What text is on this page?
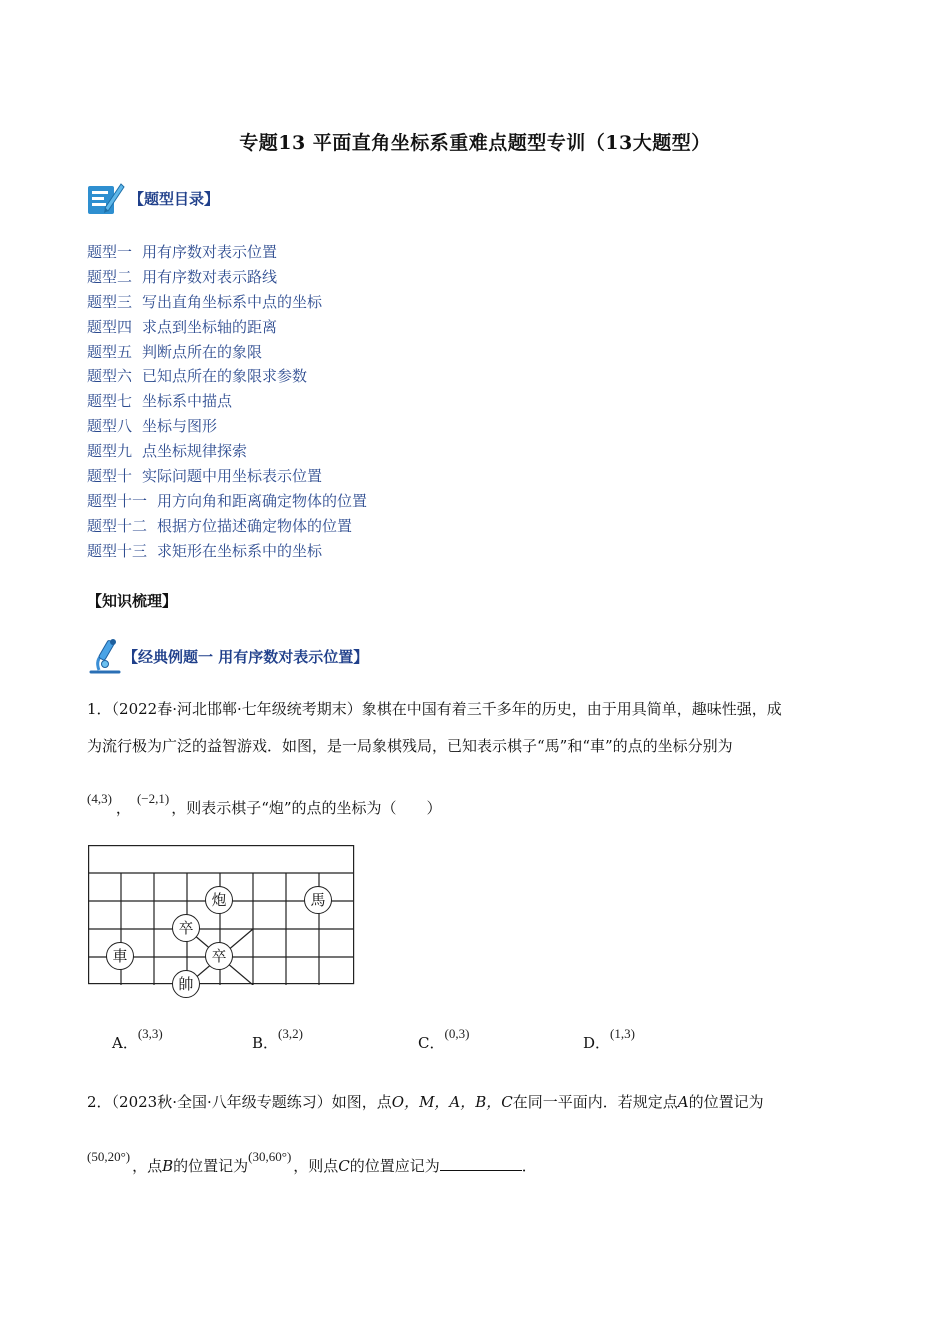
专题13 平面直角坐标系重难点题型专训（13大题型）
【题型目录】
题型一 用有序数对表示位置
题型二 用有序数对表示路线
题型三 写出直角坐标系中点的坐标
题型四 求点到坐标轴的距离
题型五 判断点所在的象限
题型六 已知点所在的象限求参数
题型七 坐标系中描点
题型八 坐标与图形
题型九 点坐标规律探索
题型十 实际问题中用坐标表示位置
题型十一 用方向角和距离确定物体的位置
题型十二 根据方位描述确定物体的位置
题型十三 求矩形在坐标系中的坐标
【知识梳理】
【经典例题一 用有序数对表示位置】
1．（2022春·河北邯郸·七年级统考期末）象棋在中国有着三千多年的历史，由于用具简单，趣味性强，成
为流行极为广泛的益智游戏．如图，是一局象棋残局，已知表示棋子“馬”和“車”的点的坐标分别为
(4,3)，(−2,1)，则表示棋子“炮”的点的坐标为（　　）
炮	馬
卒
車	卒
帥
A．(3,3)
B．(3,2)
C．(0,3)
D．(1,3)
2．（2023秋·全国·八年级专题练习）如图，点O，M，A，B，C在同一平面内．若规定点A的位置记为
(50,20°)，点B的位置记为(30,60°)，则点C的位置应记为	．
